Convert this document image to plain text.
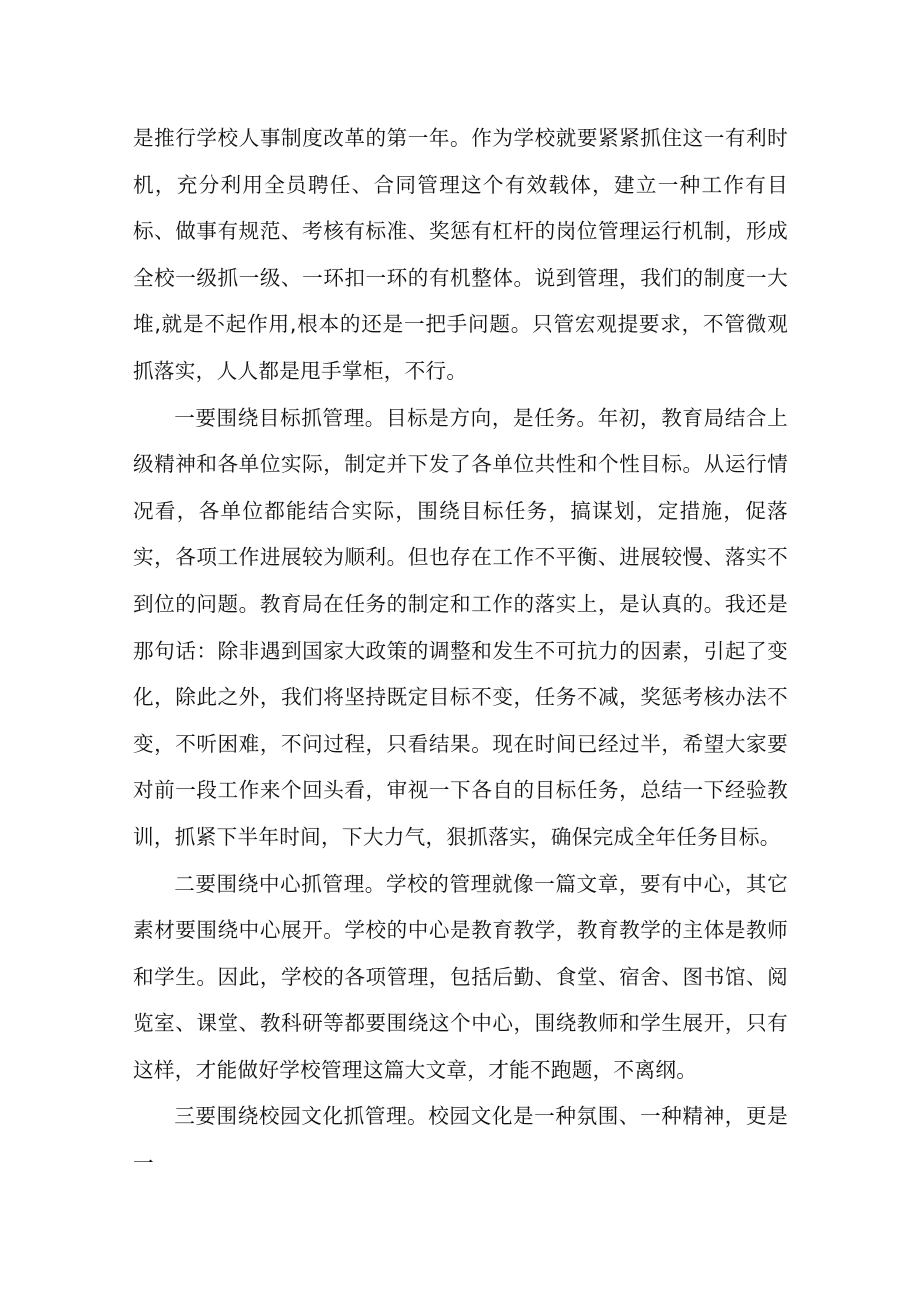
是推行学校人事制度改革的第一年。作为学校就要紧紧抓住这一有利时机，充分利用全员聘任、合同管理这个有效载体，建立一种工作有目标、做事有规范、考核有标准、奖惩有杠杆的岗位管理运行机制，形成全校一级抓一级、一环扣一环的有机整体。说到管理，我们的制度一大堆,就是不起作用,根本的还是一把手问题。只管宏观提要求，不管微观抓落实，人人都是甩手掌柜，不行。

一要围绕目标抓管理。目标是方向，是任务。年初，教育局结合上级精神和各单位实际，制定并下发了各单位共性和个性目标。从运行情况看，各单位都能结合实际，围绕目标任务，搞谋划，定措施，促落实，各项工作进展较为顺利。但也存在工作不平衡、进展较慢、落实不到位的问题。教育局在任务的制定和工作的落实上，是认真的。我还是那句话：除非遇到国家大政策的调整和发生不可抗力的因素，引起了变化，除此之外，我们将坚持既定目标不变，任务不减，奖惩考核办法不变，不听困难，不问过程，只看结果。现在时间已经过半，希望大家要对前一段工作来个回头看，审视一下各自的目标任务，总结一下经验教训，抓紧下半年时间，下大力气，狠抓落实，确保完成全年任务目标。

二要围绕中心抓管理。学校的管理就像一篇文章，要有中心，其它素材要围绕中心展开。学校的中心是教育教学，教育教学的主体是教师和学生。因此，学校的各项管理，包括后勤、食堂、宿舍、图书馆、阅览室、课堂、教科研等都要围绕这个中心，围绕教师和学生展开，只有这样，才能做好学校管理这篇大文章，才能不跑题，不离纲。

三要围绕校园文化抓管理。校园文化是一种氛围、一种精神，更是一
